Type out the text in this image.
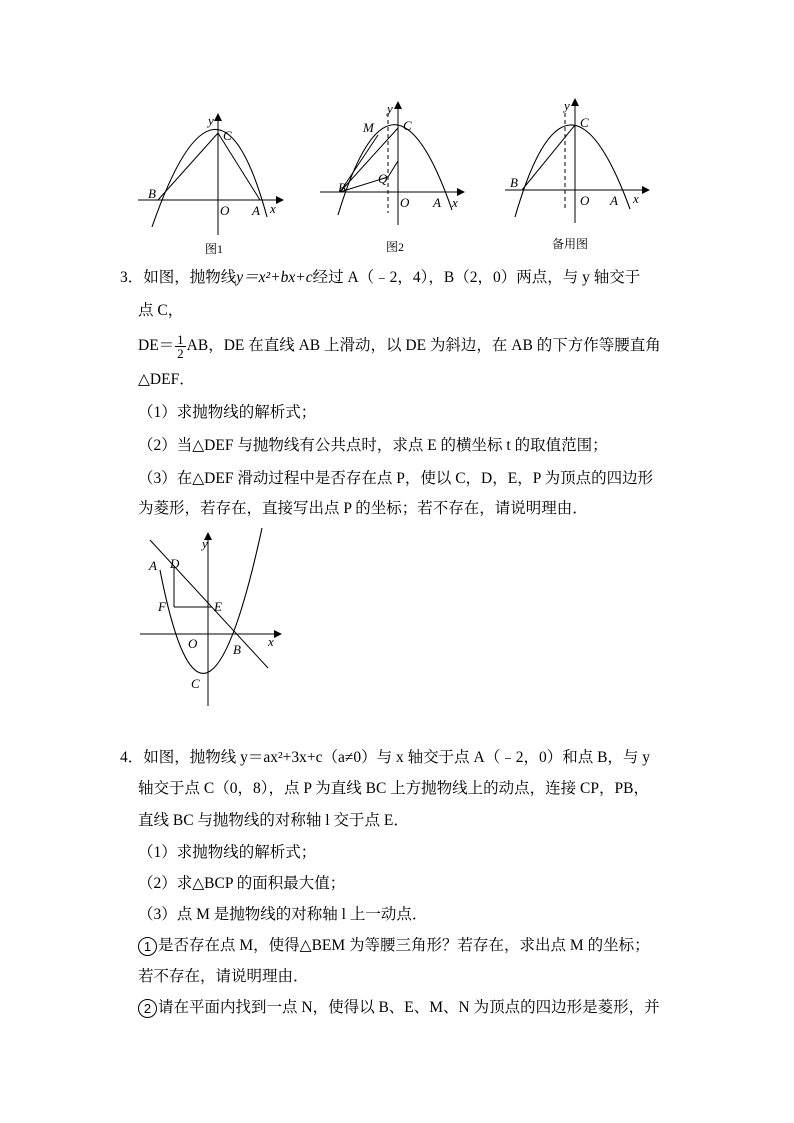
y
C
B
O A x
图1
y
C
M
Q
B
O A x
图2
y
C
B
O A x
备用图
3．如图，抛物线y＝x²+bx+c经过 A（﹣2，4），B（2，0）两点，与 y 轴交于
点 C，
$DE= \frac{1}{2}$ AB，DE 在直线 AB 上滑动，以 DE 为斜边，在 AB 的下方作等腰直角
△DEF．
（1）求抛物线的解析式；
（2）当△DEF 与抛物线有公共点时，求点 E 的横坐标 t 的取值范围；
（3）在△DEF 滑动过程中是否存在点 P，使以 C，D，E，P 为顶点的四边形
为菱形，若存在，直接写出点 P 的坐标；若不存在，请说明理由．
y
A D
F	E
O	B
x
C
4．如图，抛物线 y＝ax²+3x+c（a≠0）与 x 轴交于点 A（﹣2，0）和点 B，与 y
轴交于点 C（0，8），点 P 为直线 BC 上方抛物线上的动点，连接 CP，PB，
直线 BC 与抛物线的对称轴 l 交于点 E．
（1）求抛物线的解析式；
（2）求△BCP 的面积最大值；
（3）点 M 是抛物线的对称轴 l 上一动点．
1 是否存在点 M，使得△BEM 为等腰三角形？若存在，求出点 M 的坐标；
若不存在，请说明理由．
2 请在平面内找到一点 N，使得以 B、E、M、N 为顶点的四边形是菱形，并
